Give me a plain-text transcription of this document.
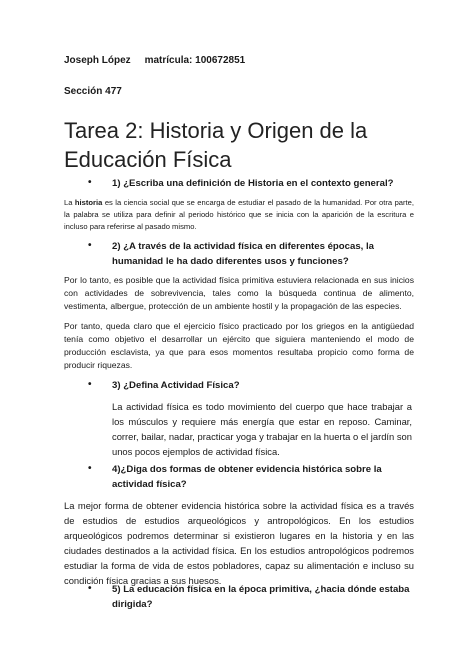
Joseph López matrícula: 100672851
Sección 477
Tarea 2: Historia y Origen de la Educación Física
• 1) ¿Escriba una definición de Historia en el contexto general?
La historia es la ciencia social que se encarga de estudiar el pasado de la humanidad. Por otra parte, la palabra se utiliza para definir al periodo histórico que se inicia con la aparición de la escritura e incluso para referirse al pasado mismo.
• 2) ¿A través de la actividad física en diferentes épocas, la humanidad le ha dado diferentes usos y funciones?
Por lo tanto, es posible que la actividad física primitiva estuviera relacionada en sus inicios con actividades de sobrevivencia, tales como la búsqueda continua de alimento, vestimenta, albergue, protección de un ambiente hostil y la propagación de las especies.
Por tanto, queda claro que el ejercicio físico practicado por los griegos en la antigüedad tenía como objetivo el desarrollar un ejército que siguiera manteniendo el modo de producción esclavista, ya que para esos momentos resultaba propicio como forma de producir riquezas.
• 3) ¿Defina Actividad Física?
La actividad física es todo movimiento del cuerpo que hace trabajar a los músculos y requiere más energía que estar en reposo. Caminar, correr, bailar, nadar, practicar yoga y trabajar en la huerta o el jardín son unos pocos ejemplos de actividad física.
• 4)¿Diga dos formas de obtener evidencia histórica sobre la actividad física?
La mejor forma de obtener evidencia histórica sobre la actividad física es a través de estudios de estudios arqueológicos y antropológicos. En los estudios arqueológicos podremos determinar si existieron lugares en la historia y en las ciudades destinados a la actividad física. En los estudios antropológicos podremos estudiar la forma de vida de estos pobladores, capaz su alimentación e incluso su condición física gracias a sus huesos.
• 5) La educación física en la época primitiva, ¿hacia dónde estaba dirigida?
